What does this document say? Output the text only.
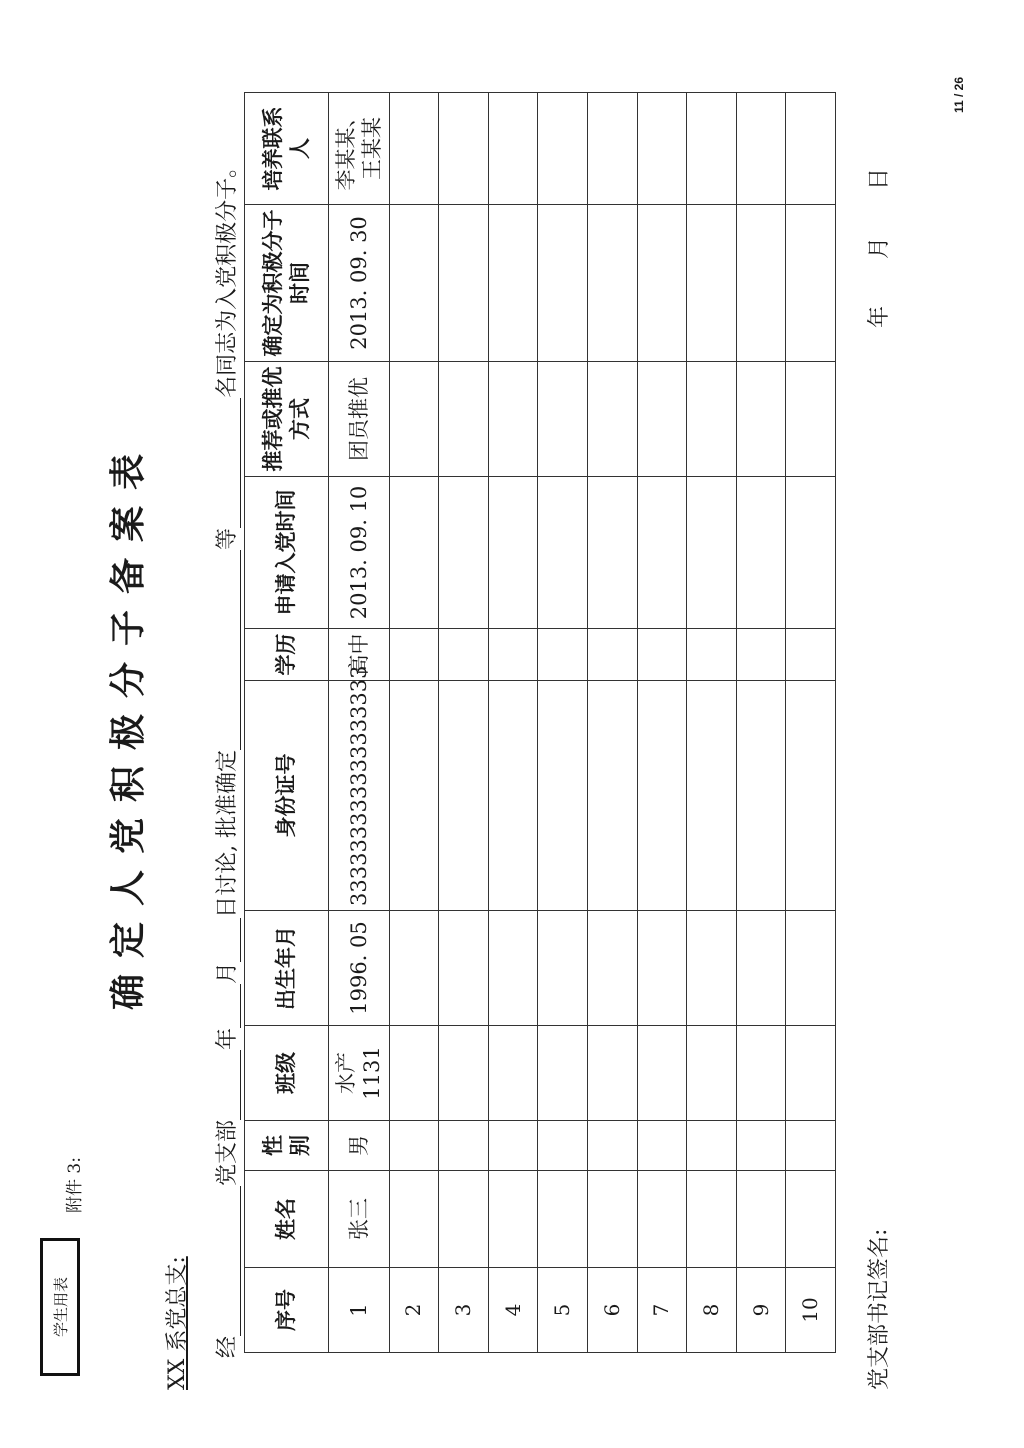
11 / 26
学生用表
附件 3:
确定人党积极分子备案表
XX 系党总支: 经党支部年月日讨论, 批准确定等名同志为入党积极分子。
序号	姓名	性别	班级	出生年月	身份证号	学历	申请入党时间	推荐或推优方式	确定为积极分子时间	培养联系人
1	张三	男	水产1131	1996. 05	333333333333333333	高中	2013. 09. 10	团员推优	2013. 09. 30	李某某、王某某
2										
3										
4										
5										
6										
7										
8										
9										
10										党支部书记签名:
年 月 日
